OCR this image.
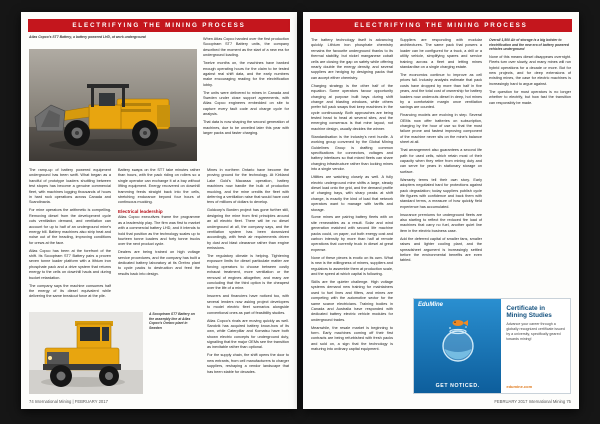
ELECTRIFYING THE MINING PROCESS
Atlas Copco's ST7 Battery, a battery powered LHD, at work underground	When Atlas Copco handed over the first production Scooptram ST7 Battery units, the company described the moment as the start of a new era for underground loading.

Twelve months on, the machines have banked enough operating hours for the claim to be tested against real shift data, and the early numbers make encouraging reading for the electrification lobby.

The units were delivered to mines in Canada and Sweden under close support agreements, with Atlas Copco engineers embedded on site to capture every fault code and charge cycle for analysis.

That data is now shaping the second generation of machines, due to be unveiled later this year with larger packs and faster charging.

The ramp-up of battery powered equipment underground has been swift. What began as a handful of prototype loaders shuttling between test stopes has become a genuine commercial fleet, with machines logging thousands of hours in hard rock operations across Canada and Scandinavia.

For mine operators the arithmetic is compelling. Removing diesel from the development cycle cuts ventilation demand, and ventilation can account for up to half of an underground mine's energy bill. Battery machines also strip heat and noise out of the heading, improving conditions for crews at the face.

Atlas Copco has been at the forefront of the shift. Its Scooptram ST7 Battery pairs a proven seven tonne loader platform with a lithium iron phosphate pack and a drive system that returns energy to the cells on downhill hauls and during bucket retardation.

The company says the machine consumes half the energy of its diesel equivalent while delivering the same breakout force at the pile.

Battery swaps on the ST7 take minutes rather than hours, with the pack riding on rollers so a single operator can exchange it at a bay without lifting equipment. Energy recovered on downhill tramming feeds straight back into the cells, stretching endurance beyond four hours of continuous mucking.

Electrical leadership

Atlas Copco executives frame the programme as a leadership play. The firm was first to market with a commercial battery LHD, and it intends to hold that position as the technology scales up to fourteen tonne loaders and forty tonne trucks over the next product cycle.

Dealers are being trained on high voltage service procedures, and the company has built a dedicated battery laboratory at its Örebro plant to cycle packs to destruction and feed the results back into design.

Mines in northern Ontario have become the proving ground for the technology. At Kirkland Lake Gold's Macassa operation, battery machines now handle the bulk of production mucking, and the mine credits the fleet with deferring a ventilation raise that would have cost tens of millions of dollars to develop.

Goldcorp's Borden project has gone further still, designing the mine from first principles around an all electric fleet. There will be no diesel underground at all, the company says, and the ventilation system has been downsized accordingly, with fresh air requirements driven by dust and blast clearance rather than engine emissions.

The regulatory climate is helping. Tightening exposure limits for diesel particulate matter are forcing operators to choose between costly exhaust treatment, more ventilation or the removal of engines altogether, and many are concluding that the third option is the cheapest over the life of a mine.

Insurers and financiers have noticed too, with several lenders now asking project developers to model electric fleet scenarios alongside conventional ones as part of feasibility studies.

Atlas Copco's rivals are moving quickly as well. Sandvik has acquired battery know-how of its own, while Caterpillar and Komatsu have both shown electric concepts for underground duty, signalling that the major OEMs see the transition as inevitable rather than optional.

For the supply chain, the shift opens the door to new entrants, from cell manufacturers to charger suppliers, reshaping a vendor landscape that has been stable for decades.

A Scooptram ST7 Battery on the assembly line at Atlas Copco's Örebro plant in Sweden
74 International Mining | FEBRUARY 2017
ELECTRIFYING THE MINING PROCESS

The battery technology itself is advancing quickly. Lithium iron phosphate chemistry remains the favourite underground thanks to its thermal stability, but nickel manganese cobalt cells are closing the gap on safety while offering nearly double the energy density, and several suppliers are hedging by designing packs that can accept either chemistry.

Charging strategy is the other half of the equation. Some operators favour opportunity charging at purpose built bays during shift change and blasting windows, while others prefer full pack swaps that keep machines in the cycle continuously. Both approaches are being tested head to head at several sites, and the emerging consensus is that mine layout, not machine design, usually decides the winner.

Standardisation is the industry's next hurdle. A working group convened by the Global Mining Guidelines Group is drafting common specifications for connectors, voltages and battery interfaces so that mixed fleets can share charging infrastructure rather than locking mines into a single vendor.

Utilities are watching closely as well. A fully electric underground mine shifts a large, steady diesel load onto the grid, and the demand profile of charging bays, with sharp peaks at shift change, is exactly the kind of load that network operators want to manage with tariffs and storage.

Some mines are pairing battery fleets with on site renewables as a result. Solar and wind generation matched with second life machine packs could, on paper, cut both energy cost and carbon intensity by more than half at remote operations that currently truck in diesel at great expense.

None of these pieces is exotic on its own. What is new is the willingness of miners, suppliers and regulators to assemble them at production scale, and the speed at which capital is following.

Skills are the quieter challenge. High voltage systems demand new training for maintainers used to fuel lines and filters, and mines are competing with the automotive sector for the same scarce electricians. Training bodies in Canada and Australia have responded with dedicated battery electric vehicle modules for underground trades.

Meanwhile, the resale market is beginning to form. Early machines coming off their first contracts are being refurbished with fresh packs and sold on, a sign that the technology is maturing into ordinary capital equipment.

Suppliers are responding with modular architectures. The same pack that powers a loader can be configured for a truck, a drill or a utility vehicle, simplifying spares and service training across a fleet and letting mines standardise on a single charging estate.

The economics continue to improve as cell prices fall. Industry analysts estimate that pack costs have dropped by more than half in five years, and the total cost of ownership for battery loaders now undercuts diesel in deep, hot mines by a comfortable margin once ventilation savings are counted.

Financing models are evolving in step. Several OEMs now offer batteries on subscription, charging by the hour of use so that the most failure prone and fastest improving component of the machine never sits on the mine's balance sheet at all.

That arrangement also guarantees a second life path for used cells, which retain most of their capacity when they retire from mining duty and can serve for years in stationary storage on surface.

Warranty terms tell their own story. Early adopters negotiated hard for protections against pack degradation; today suppliers publish cycle life figures with confidence and back them with standard terms, a measure of how quickly field experience has accumulated.

Insurance premiums for underground fleets are also starting to reflect the reduced fire load of machines that carry no fuel, another quiet line item in the electric business case.

Add the deferred capital of smaller fans, smaller raises and lighter cooling plant, and the spreadsheet argument is increasingly settled before the environmental benefits are even tabled.

Overall 1,500 Ah of storage is a big bolster to electrification and the new era of battery powered vehicles underground

None of this means diesel disappears overnight. Fleets turn over slowly, and many mines will run hybrid operations for a decade or more. But for new projects, and for deep extensions of existing mines, the case for electric machines is increasingly hard to argue against.

The question for most operators is no longer whether to electrify, but how fast the transition can responsibly be made.

EduMine
GET NOTICED.
Certificate in Mining Studies
Advance your career through a globally recognized certificate issued by a university, specifically geared towards mining!
edumine.com
FEBRUARY 2017 International Mining 75
